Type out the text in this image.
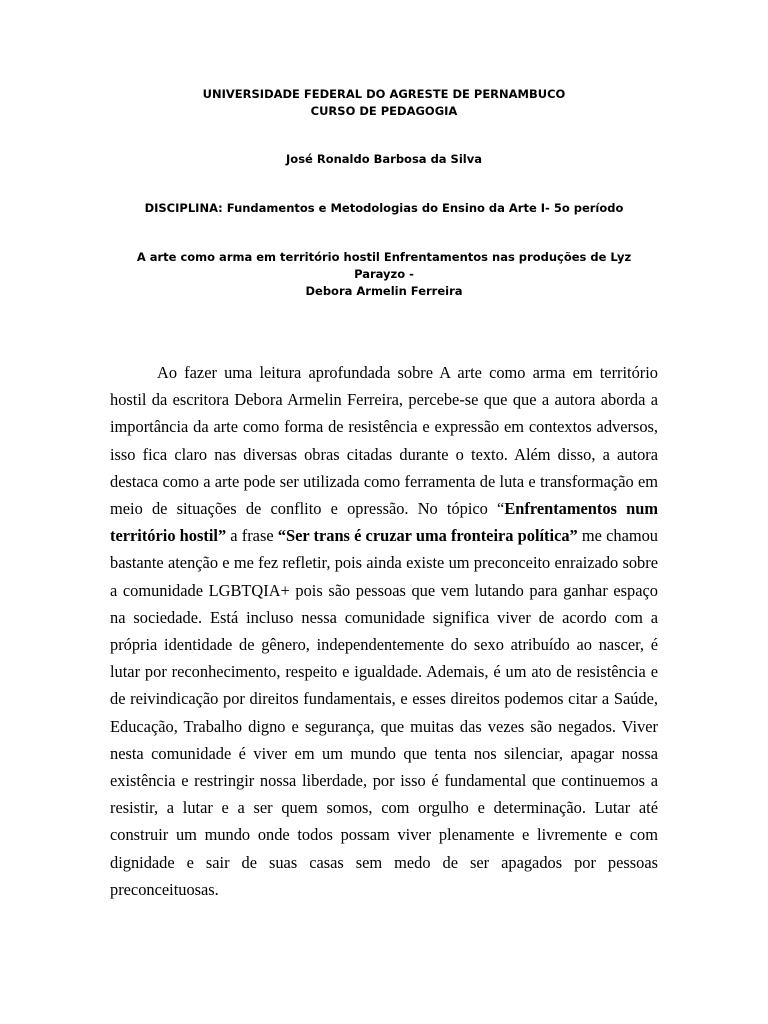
UNIVERSIDADE FEDERAL DO AGRESTE DE PERNAMBUCO
CURSO DE PEDAGOGIA
José Ronaldo Barbosa da Silva
DISCIPLINA: Fundamentos e Metodologias do Ensino da Arte I- 5o período
A arte como arma em território hostil Enfrentamentos nas produções de Lyz Parayzo -
Debora Armelin Ferreira

Ao fazer uma leitura aprofundada sobre A arte como arma em território hostil da escritora Debora Armelin Ferreira, percebe-se que que a autora aborda a importância da arte como forma de resistência e expressão em contextos adversos, isso fica claro nas diversas obras citadas durante o texto. Além disso, a autora destaca como a arte pode ser utilizada como ferramenta de luta e transformação em meio de situações de conflito e opressão. No tópico “Enfrentamentos num território hostil” a frase “Ser trans é cruzar uma fronteira política” me chamou bastante atenção e me fez refletir, pois ainda existe um preconceito enraizado sobre a comunidade LGBTQIA+ pois são pessoas que vem lutando para ganhar espaço na sociedade. Está incluso nessa comunidade significa viver de acordo com a própria identidade de gênero, independentemente do sexo atribuído ao nascer, é lutar por reconhecimento, respeito e igualdade. Ademais, é um ato de resistência e de reivindicação por direitos fundamentais, e esses direitos podemos citar a Saúde, Educação, Trabalho digno e segurança, que muitas das vezes são negados. Viver nesta comunidade é viver em um mundo que tenta nos silenciar, apagar nossa existência e restringir nossa liberdade, por isso é fundamental que continuemos a resistir, a lutar e a ser quem somos, com orgulho e determinação. Lutar até construir um mundo onde todos possam viver plenamente e livremente e com dignidade e sair de suas casas sem medo de ser apagados por pessoas preconceituosas.
